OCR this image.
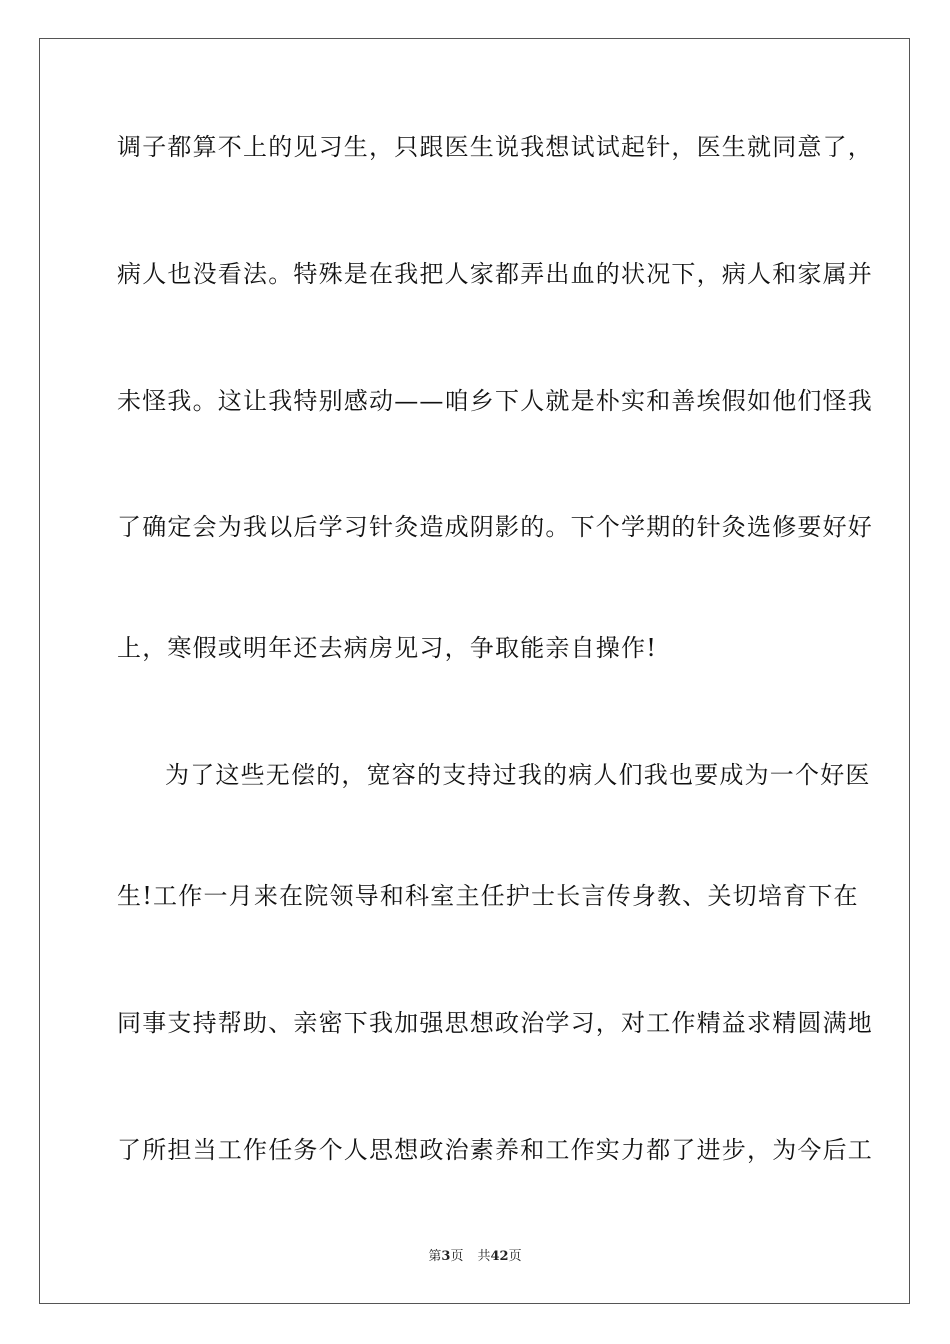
调子都算不上的见习生，只跟医生说我想试试起针，医生就同意了，
病人也没看法。特殊是在我把人家都弄出血的状况下，病人和家属并
未怪我。这让我特别感动——咱乡下人就是朴实和善埃假如他们怪我
了确定会为我以后学习针灸造成阴影的。下个学期的针灸选修要好好
上，寒假或明年还去病房见习，争取能亲自操作!
为了这些无偿的，宽容的支持过我的病人们我也要成为一个好医
生!工作一月来在院领导和科室主任护士长言传身教、关切培育下在
同事支持帮助、亲密下我加强思想政治学习，对工作精益求精圆满地
了所担当工作任务个人思想政治素养和工作实力都了进步，为今后工
第3页 共42页
